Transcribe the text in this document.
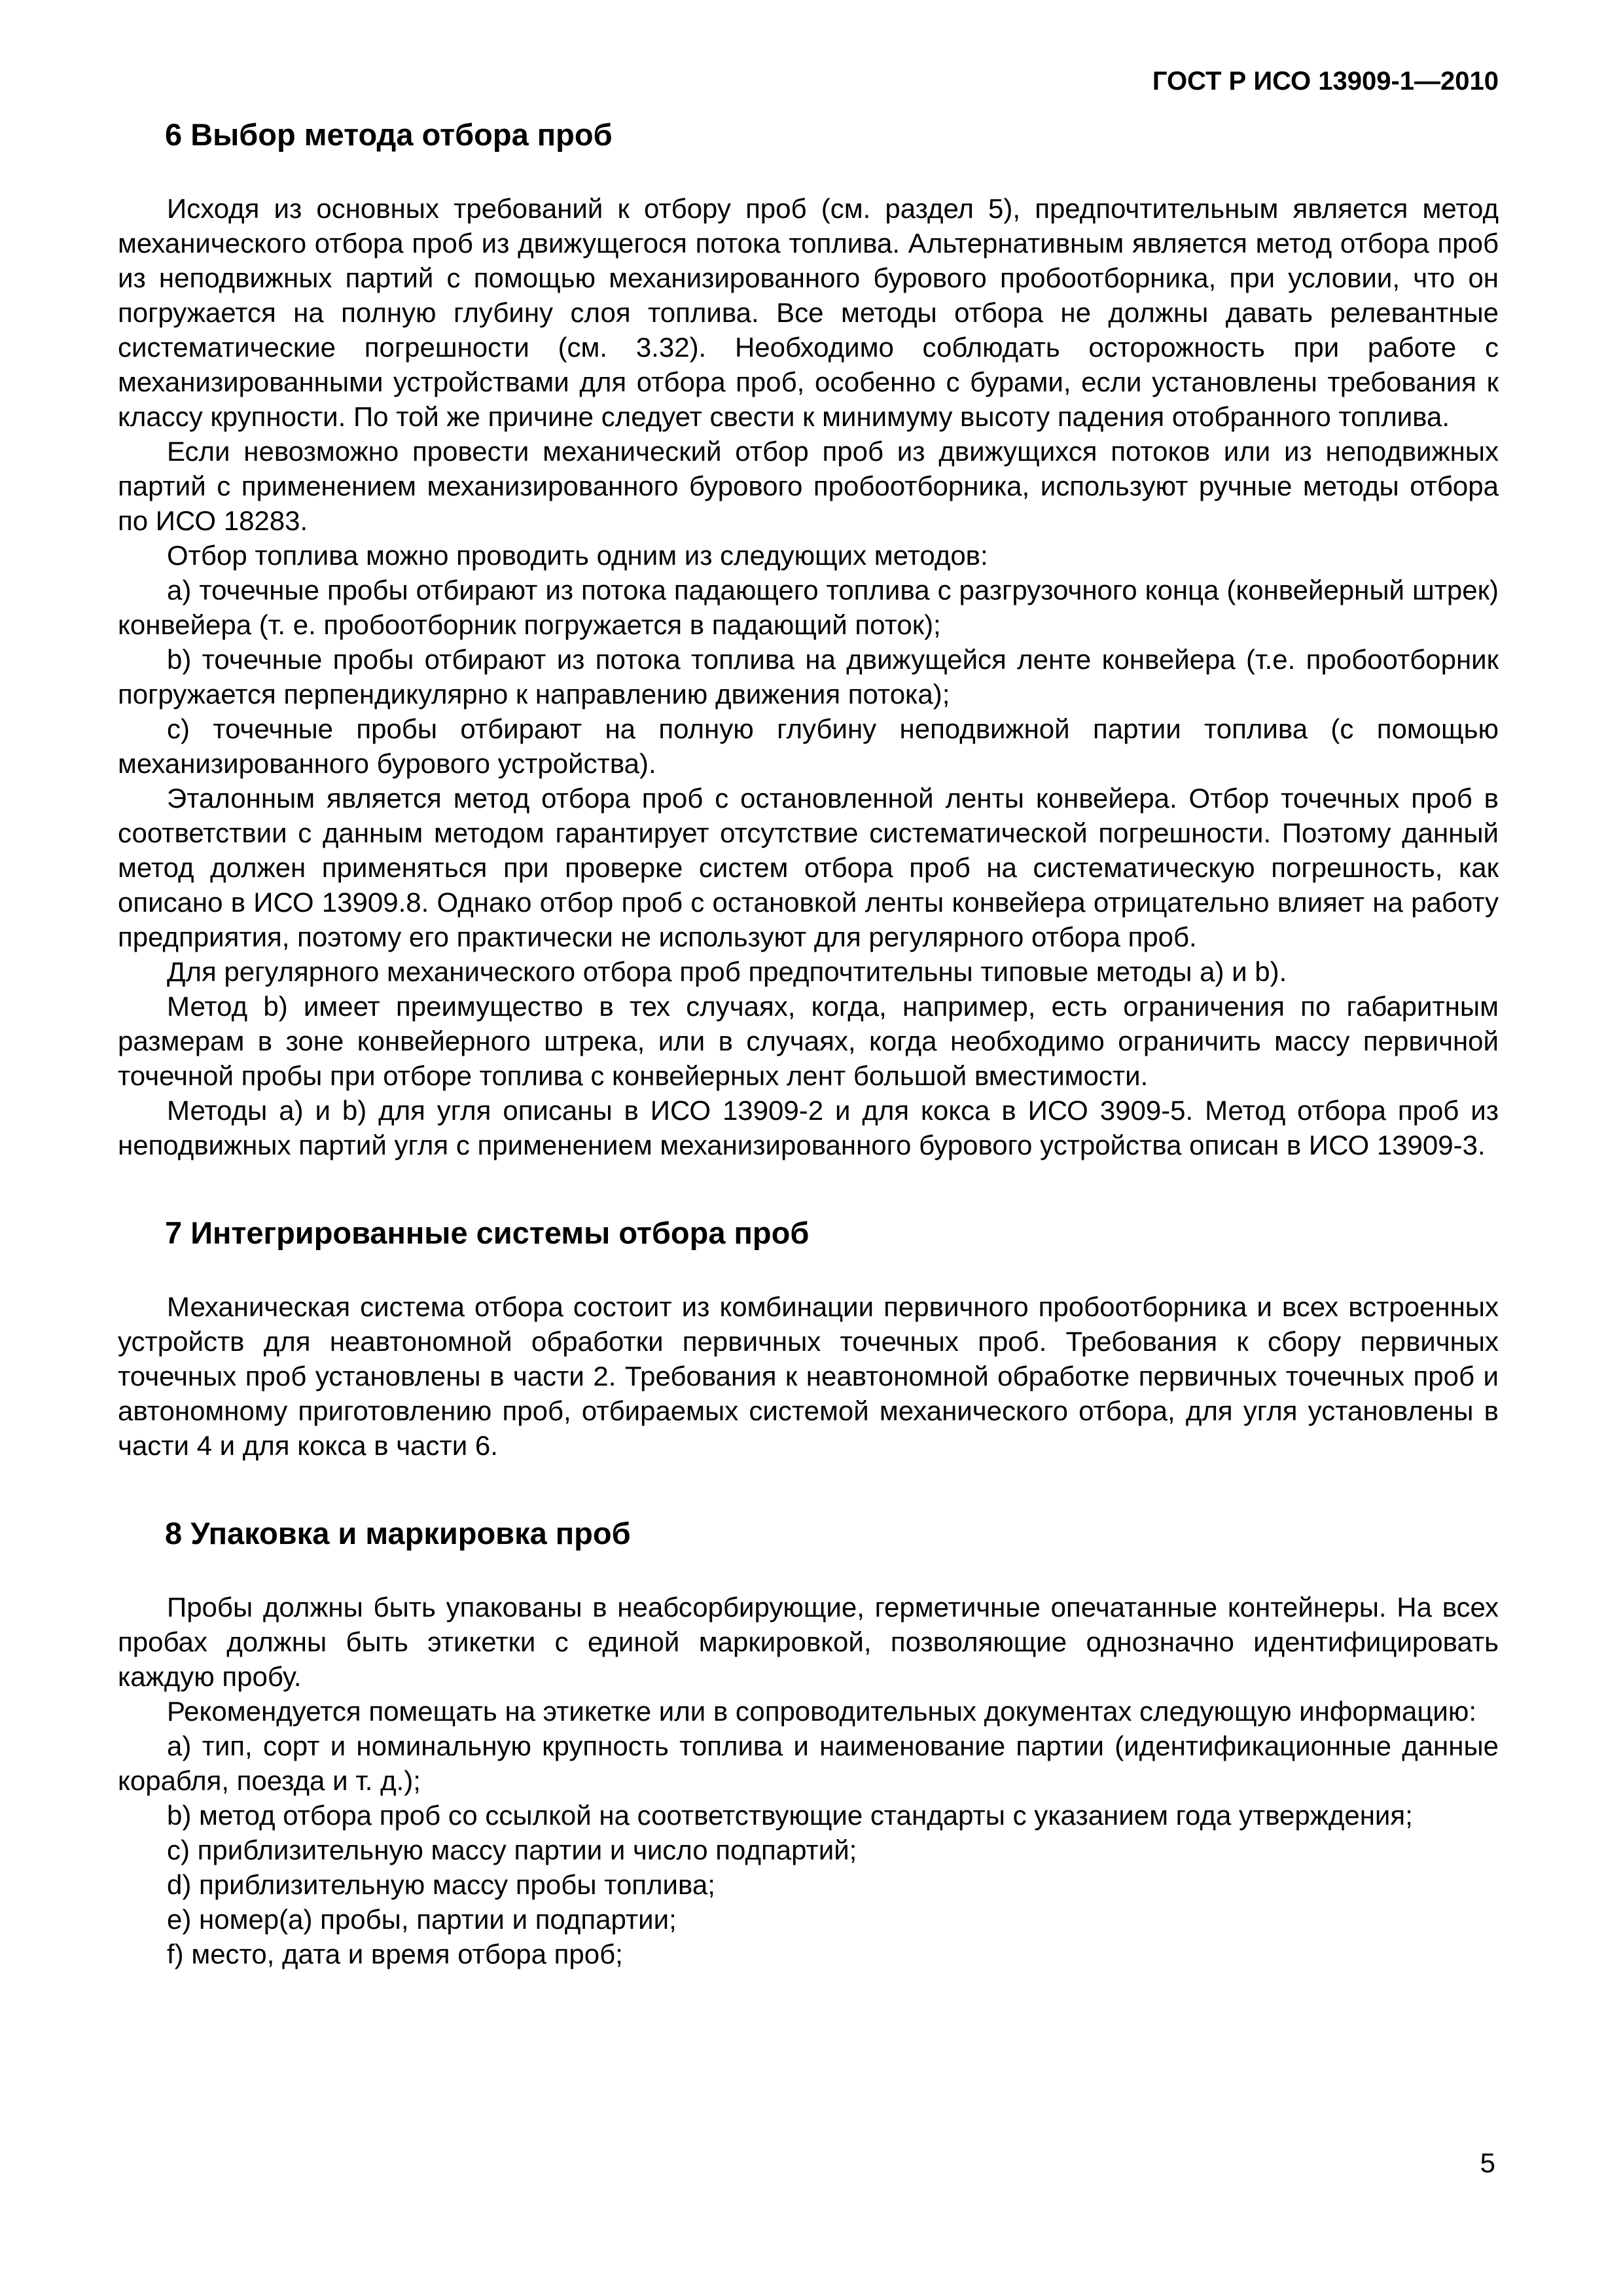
ГОСТ Р ИСО 13909-1—2010

6 Выбор метода отбора проб

Исходя из основных требований к отбору проб (см. раздел 5), предпочтительным является метод механического отбора проб из движущегося потока топлива. Альтернативным является метод отбора проб из неподвижных партий с помощью механизированного бурового пробоотборника, при условии, что он погружается на полную глубину слоя топлива. Все методы отбора не должны давать релевантные систематические погрешности (см. 3.32). Необходимо соблюдать осторожность при работе с механизированными устройствами для отбора проб, особенно с бурами, если установлены требования к классу крупности. По той же причине следует свести к минимуму высоту падения отобранного топлива.

Если невозможно провести механический отбор проб из движущихся потоков или из неподвижных партий с применением механизированного бурового пробоотборника, используют ручные методы отбора по ИСО 18283.

Отбор топлива можно проводить одним из следующих методов:

a) точечные пробы отбирают из потока падающего топлива с разгрузочного конца (конвейерный штрек) конвейера (т. е. пробоотборник погружается в падающий поток);

b) точечные пробы отбирают из потока топлива на движущейся ленте конвейера (т.е. пробоотборник погружается перпендикулярно к направлению движения потока);

c) точечные пробы отбирают на полную глубину неподвижной партии топлива (с помощью механизированного бурового устройства).

Эталонным является метод отбора проб с остановленной ленты конвейера. Отбор точечных проб в соответствии с данным методом гарантирует отсутствие систематической погрешности. Поэтому данный метод должен применяться при проверке систем отбора проб на систематическую погрешность, как описано в ИСО 13909.8. Однако отбор проб с остановкой ленты конвейера отрицательно влияет на работу предприятия, поэтому его практически не используют для регулярного отбора проб.

Для регулярного механического отбора проб предпочтительны типовые методы a) и b).

Метод b) имеет преимущество в тех случаях, когда, например, есть ограничения по габаритным размерам в зоне конвейерного штрека, или в случаях, когда необходимо ограничить массу первичной точечной пробы при отборе топлива с конвейерных лент большой вместимости.

Методы a) и b) для угля описаны в ИСО 13909-2 и для кокса в ИСО 3909-5. Метод отбора проб из неподвижных партий угля с применением механизированного бурового устройства описан в ИСО 13909-3.

7 Интегрированные системы отбора проб

Механическая система отбора состоит из комбинации первичного пробоотборника и всех встроенных устройств для неавтономной обработки первичных точечных проб. Требования к сбору первичных точечных проб установлены в части 2. Требования к неавтономной обработке первичных точечных проб и автономному приготовлению проб, отбираемых системой механического отбора, для угля установлены в части 4 и для кокса в части 6.

8 Упаковка и маркировка проб

Пробы должны быть упакованы в неабсорбирующие, герметичные опечатанные контейнеры. На всех пробах должны быть этикетки с единой маркировкой, позволяющие однозначно идентифицировать каждую пробу.

Рекомендуется помещать на этикетке или в сопроводительных документах следующую информацию:

a) тип, сорт и номинальную крупность топлива и наименование партии (идентификационные данные корабля, поезда и т. д.);

b) метод отбора проб со ссылкой на соответствующие стандарты с указанием года утверждения;

c) приблизительную массу партии и число подпартий;

d) приблизительную массу пробы топлива;

e) номер(а) пробы, партии и подпартии;

f) место, дата и время отбора проб;

5
